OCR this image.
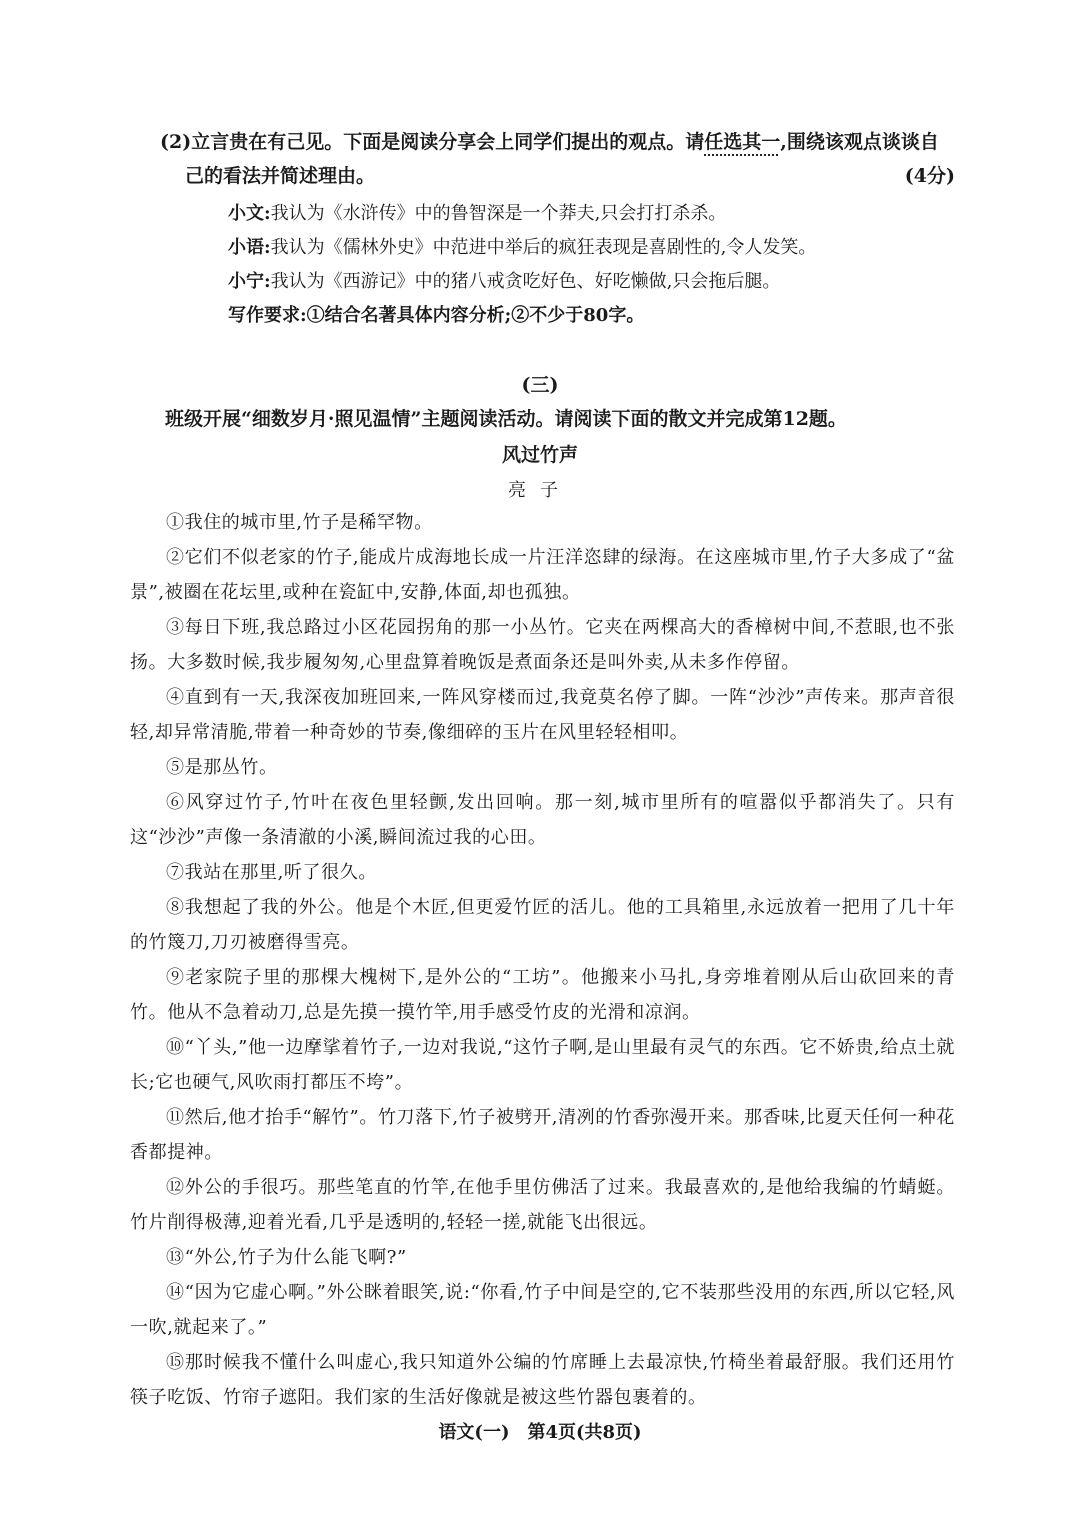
(2)立言贵在有己见。下面是阅读分享会上同学们提出的观点。请任选其一,围绕该观点谈谈自
己的看法并简述理由。	(4分)
小文:我认为《水浒传》中的鲁智深是一个莽夫,只会打打杀杀。
小语:我认为《儒林外史》中范进中举后的疯狂表现是喜剧性的,令人发笑。
小宁:我认为《西游记》中的猪八戒贪吃好色、好吃懒做,只会拖后腿。
写作要求:①结合名著具体内容分析;②不少于80字。
(三)
班级开展“细数岁月·照见温情”主题阅读活动。请阅读下面的散文并完成第12题。
风过竹声
亮子

①我住的城市里,竹子是稀罕物。

②它们不似老家的竹子,能成片成海地长成一片汪洋恣肆的绿海。在这座城市里,竹子大多成了“盆景”,被圈在花坛里,或种在瓷缸中,安静,体面,却也孤独。

③每日下班,我总路过小区花园拐角的那一小丛竹。它夹在两棵高大的香樟树中间,不惹眼,也不张扬。大多数时候,我步履匆匆,心里盘算着晚饭是煮面条还是叫外卖,从未多作停留。

④直到有一天,我深夜加班回来,一阵风穿楼而过,我竟莫名停了脚。一阵“沙沙”声传来。那声音很轻,却异常清脆,带着一种奇妙的节奏,像细碎的玉片在风里轻轻相叩。

⑤是那丛竹。

⑥风穿过竹子,竹叶在夜色里轻颤,发出回响。那一刻,城市里所有的喧嚣似乎都消失了。只有这“沙沙”声像一条清澈的小溪,瞬间流过我的心田。

⑦我站在那里,听了很久。

⑧我想起了我的外公。他是个木匠,但更爱竹匠的活儿。他的工具箱里,永远放着一把用了几十年的竹篾刀,刀刃被磨得雪亮。

⑨老家院子里的那棵大槐树下,是外公的“工坊”。他搬来小马扎,身旁堆着刚从后山砍回来的青竹。他从不急着动刀,总是先摸一摸竹竿,用手感受竹皮的光滑和凉润。

⑩“丫头,”他一边摩挲着竹子,一边对我说,“这竹子啊,是山里最有灵气的东西。它不娇贵,给点土就长;它也硬气,风吹雨打都压不垮”。

⑪然后,他才抬手“解竹”。竹刀落下,竹子被劈开,清冽的竹香弥漫开来。那香味,比夏天任何一种花香都提神。

⑫外公的手很巧。那些笔直的竹竿,在他手里仿佛活了过来。我最喜欢的,是他给我编的竹蜻蜓。竹片削得极薄,迎着光看,几乎是透明的,轻轻一搓,就能飞出很远。

⑬“外公,竹子为什么能飞啊?”

⑭“因为它虚心啊。”外公眯着眼笑,说:“你看,竹子中间是空的,它不装那些没用的东西,所以它轻,风一吹,就起来了。”

⑮那时候我不懂什么叫虚心,我只知道外公编的竹席睡上去最凉快,竹椅坐着最舒服。我们还用竹筷子吃饭、竹帘子遮阳。我们家的生活好像就是被这些竹器包裹着的。

语文(一)　第4页(共8页)
